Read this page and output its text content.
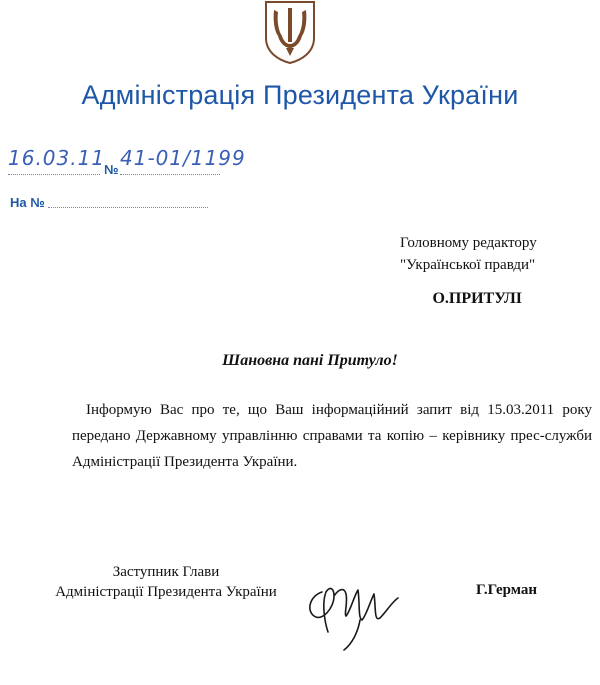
Адміністрація Президента України
16.03.11
№ 41-01/1199
На №
Головному редактору
"Української правди"
О.ПРИТУЛІ
Шановна пані Притуло!

Інформую Вас про те, що Ваш інформаційний запит від 15.03.2011 року передано Державному управлінню справами та копію – керівнику прес-служби Адміністрації Президента України.

Заступник Глави
Адміністрації Президента України	Г.Герман
